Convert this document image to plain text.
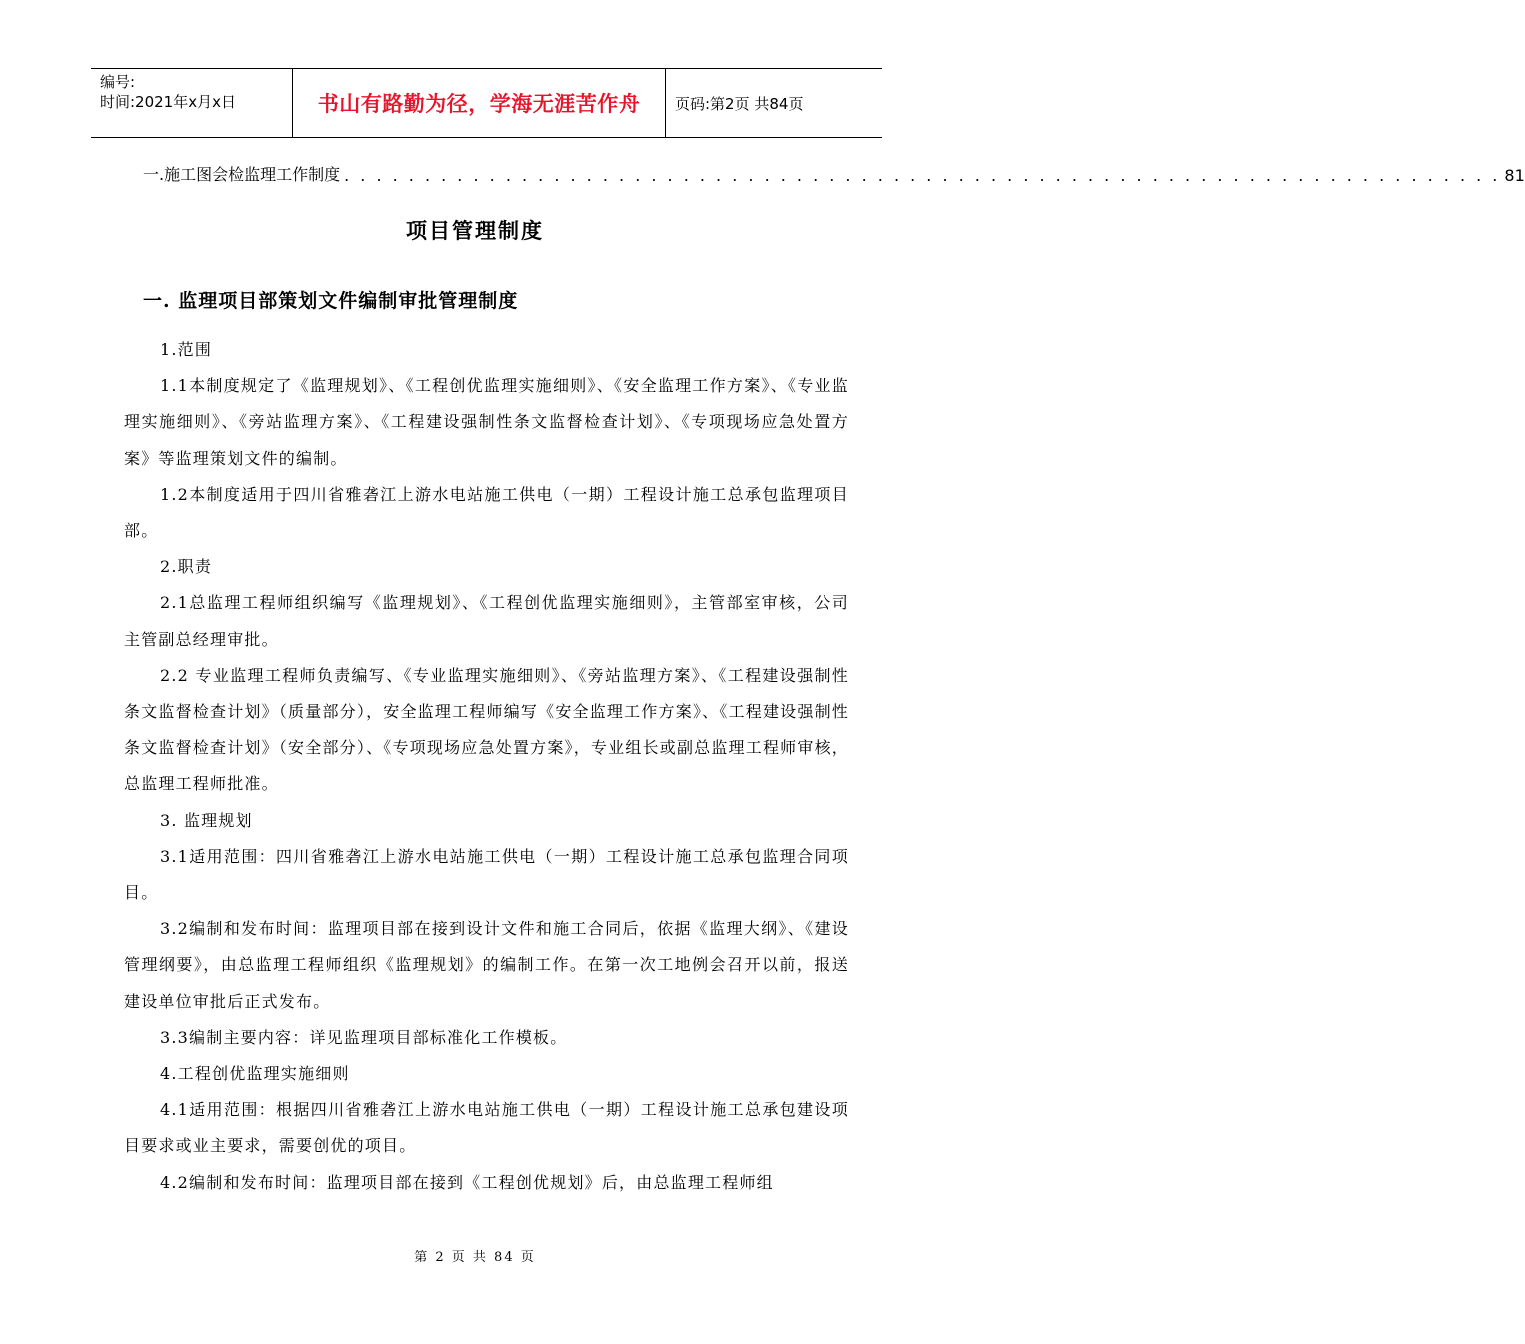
编号:
时间:2021年x月x日	书山有路勤为径，学海无涯苦作舟 页码:第2页 共84页
一.施工图会检监理工作制度 . . . . . . . . . . . . . . . . . . . . . . . . . . . . . . . . . . . . . . . . . . . . . . . . . . . . . . . . . . . . . . . . . . . . . . . . 81
项目管理制度
一. 监理项目部策划文件编制审批管理制度

1.范围

1.1本制度规定了《监理规划》、《工程创优监理实施细则》、《安全监理工作方案》、《专业监理实施细则》、《旁站监理方案》、《工程建设强制性条文监督检查计划》、《专项现场应急处置方案》等监理策划文件的编制。

1.2本制度适用于四川省雅砻江上游水电站施工供电（一期）工程设计施工总承包监理项目部。

2.职责

2.1总监理工程师组织编写《监理规划》、《工程创优监理实施细则》，主管部室审核，公司主管副总经理审批。

2.2 专业监理工程师负责编写、《专业监理实施细则》、《旁站监理方案》、《工程建设强制性条文监督检查计划》（质量部分），安全监理工程师编写《安全监理工作方案》、《工程建设强制性条文监督检查计划》（安全部分）、《专项现场应急处置方案》，专业组长或副总监理工程师审核，总监理工程师批准。

3. 监理规划

3.1适用范围：四川省雅砻江上游水电站施工供电（一期）工程设计施工总承包监理合同项目。

3.2编制和发布时间：监理项目部在接到设计文件和施工合同后，依据《监理大纲》、《建设管理纲要》，由总监理工程师组织《监理规划》的编制工作。在第一次工地例会召开以前，报送建设单位审批后正式发布。

3.3编制主要内容：详见监理项目部标准化工作模板。

4.工程创优监理实施细则

4.1适用范围：根据四川省雅砻江上游水电站施工供电（一期）工程设计施工总承包建设项目要求或业主要求，需要创优的项目。

4.2编制和发布时间：监理项目部在接到《工程创优规划》后，由总监理工程师组

第 2 页 共 84 页
